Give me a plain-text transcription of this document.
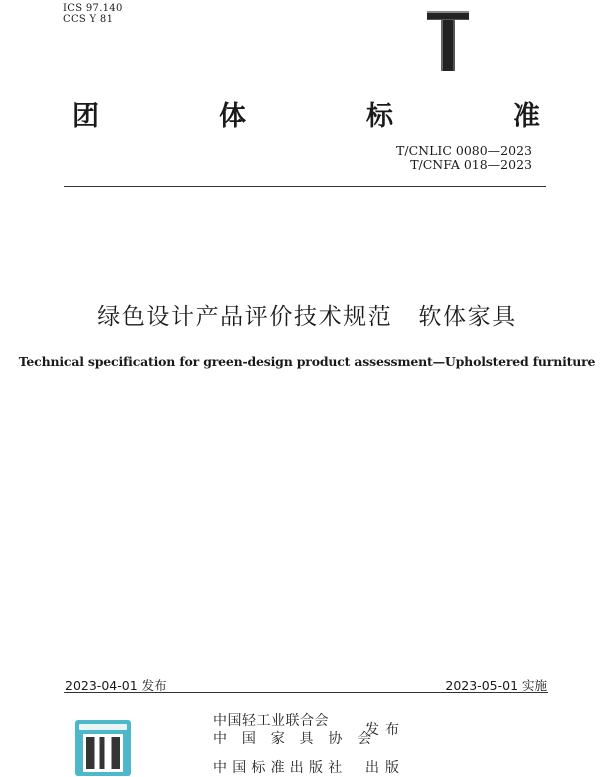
ICS 97.140
CCS Y 81
团	体	标	准
T/CNLIC 0080—2023
T/CNFA 018—2023
绿色设计产品评价技术规范 软体家具
Technical specification for green-design product assessment—Upholstered furniture
2023-04-01 发布	2023-05-01 实施
中国轻工业联合会
中 国 家 具 协 会
发布
中国标准出版社	出版
